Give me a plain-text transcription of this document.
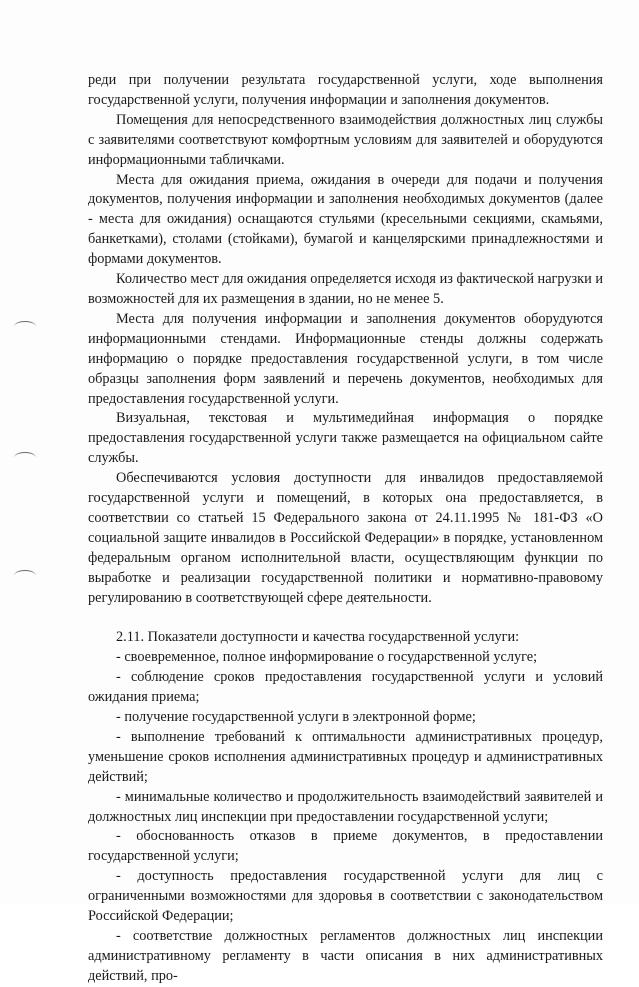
реди при получении результата государственной услуги, ходе выполнения государственной услуги, получения информации и заполнения документов.

Помещения для непосредственного взаимодействия должностных лиц службы с заявителями соответствуют комфортным условиям для заявителей и оборудуются информационными табличками.

Места для ожидания приема, ожидания в очереди для подачи и получения документов, получения информации и заполнения необходимых документов (далее - места для ожидания) оснащаются стульями (кресельными секциями, скамьями, банкетками), столами (стойками), бумагой и канцелярскими принадлежностями и формами документов.

Количество мест для ожидания определяется исходя из фактической нагрузки и возможностей для их размещения в здании, но не менее 5.

Места для получения информации и заполнения документов оборудуются информационными стендами. Информационные стенды должны содержать информацию о порядке предоставления государственной услуги, в том числе образцы заполнения форм заявлений и перечень документов, необходимых для предоставления государственной услуги.

Визуальная, текстовая и мультимедийная информация о порядке предоставления государственной услуги также размещается на официальном сайте службы.

Обеспечиваются условия доступности для инвалидов предоставляемой государственной услуги и помещений, в которых она предоставляется, в соответствии со статьей 15 Федерального закона от 24.11.1995 № 181-ФЗ «О социальной защите инвалидов в Российской Федерации» в порядке, установленном федеральным органом исполнительной власти, осуществляющим функции по выработке и реализации государственной политики и нормативно-правовому регулированию в соответствующей сфере деятельности.

2.11. Показатели доступности и качества государственной услуги:

- своевременное, полное информирование о государственной услуге;

- соблюдение сроков предоставления государственной услуги и условий ожидания приема;

- получение государственной услуги в электронной форме;

- выполнение требований к оптимальности административных процедур, уменьшение сроков исполнения административных процедур и административных действий;

- минимальные количество и продолжительность взаимодействий заявителей и должностных лиц инспекции при предоставлении государственной услуги;

- обоснованность отказов в приеме документов, в предоставлении государственной услуги;

- доступность предоставления государственной услуги для лиц с ограниченными возможностями для здоровья в соответствии с законодательством Российской Федерации;

- соответствие должностных регламентов должностных лиц инспекции административному регламенту в части описания в них административных действий, про-
